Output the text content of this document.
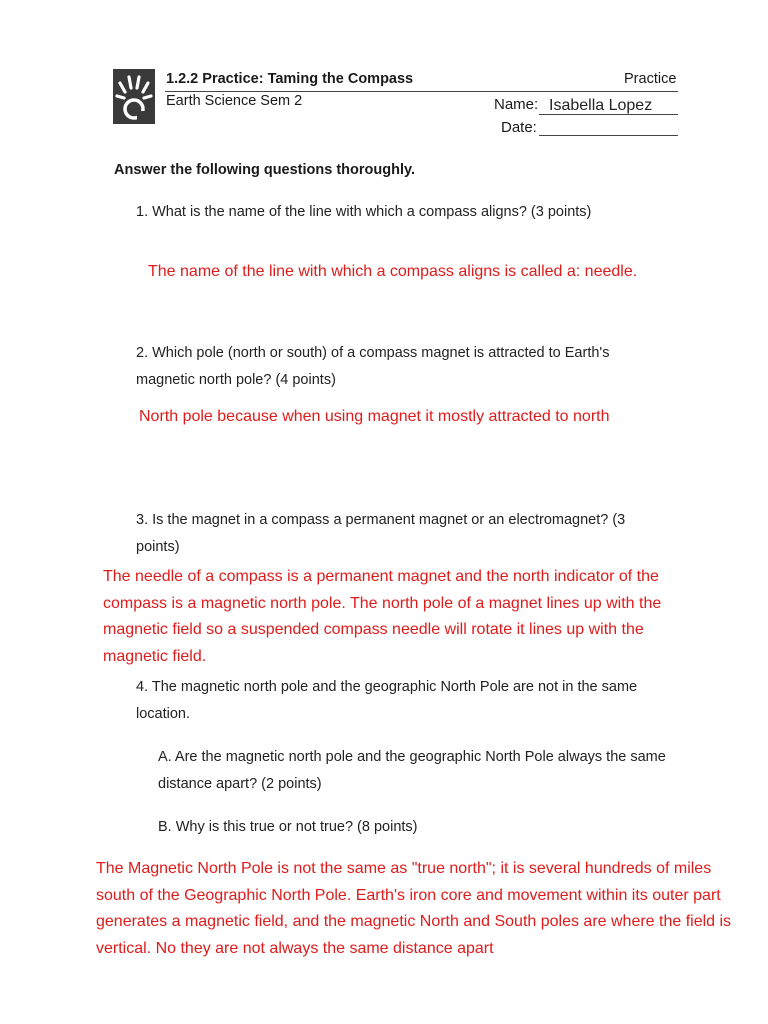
1.2.2 Practice: Taming the Compass	Practice
Earth Science Sem 2	Name: Isabella Lopez
Date:
Answer the following questions thoroughly.
1. What is the name of the line with which a compass aligns? (3 points)
The name of the line with which a compass aligns is called a: needle.
2. Which pole (north or south) of a compass magnet is attracted to Earth's magnetic north pole? (4 points)
North pole because when using magnet it mostly attracted to north
3. Is the magnet in a compass a permanent magnet or an electromagnet? (3 points)
The needle of a compass is a permanent magnet and the north indicator of the compass is a magnetic north pole. The north pole of a magnet lines up with the magnetic field so a suspended compass needle will rotate it lines up with the magnetic field.
4. The magnetic north pole and the geographic North Pole are not in the same location.
A. Are the magnetic north pole and the geographic North Pole always the same distance apart? (2 points)
B. Why is this true or not true? (8 points)
The Magnetic North Pole is not the same as "true north"; it is several hundreds of miles south of the Geographic North Pole. Earth's iron core and movement within its outer part generates a magnetic field, and the magnetic North and South poles are where the field is vertical. No they are not always the same distance apart
